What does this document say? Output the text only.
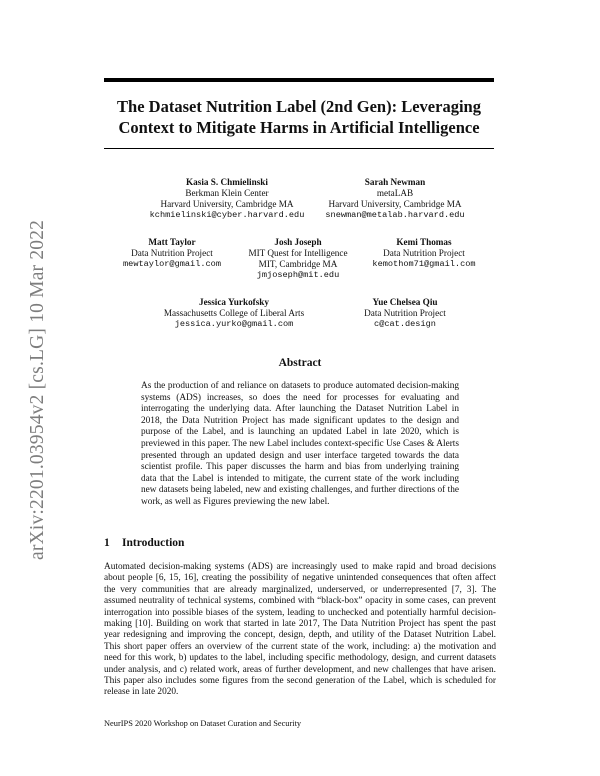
arXiv:2201.03954v2 [cs.LG] 10 Mar 2022
The Dataset Nutrition Label (2nd Gen): Leveraging Context to Mitigate Harms in Artificial Intelligence
Kasia S. Chmielinski
Berkman Klein Center
Harvard University, Cambridge MA
kchmielinski@cyber.harvard.edu
Sarah Newman
metaLAB
Harvard University, Cambridge MA
snewman@metalab.harvard.edu
Matt Taylor
Data Nutrition Project
mewtaylor@gmail.com
Josh Joseph
MIT Quest for Intelligence
MIT, Cambridge MA
jmjoseph@mit.edu
Kemi Thomas
Data Nutrition Project
kemothom71@gmail.com
Jessica Yurkofsky
Massachusetts College of Liberal Arts
jessica.yurko@gmail.com
Yue Chelsea Qiu
Data Nutrition Project
c@cat.design
Abstract
As the production of and reliance on datasets to produce automated decision-making systems (ADS) increases, so does the need for processes for evaluating and interrogating the underlying data. After launching the Dataset Nutrition Label in 2018, the Data Nutrition Project has made significant updates to the design and purpose of the Label, and is launching an updated Label in late 2020, which is previewed in this paper. The new Label includes context-specific Use Cases & Alerts presented through an updated design and user interface targeted towards the data scientist profile. This paper discusses the harm and bias from underlying training data that the Label is intended to mitigate, the current state of the work including new datasets being labeled, new and existing challenges, and further directions of the work, as well as Figures previewing the new label.
1 Introduction
Automated decision-making systems (ADS) are increasingly used to make rapid and broad decisions about people [6, 15, 16], creating the possibility of negative unintended consequences that often affect the very communities that are already marginalized, underserved, or underrepresented [7, 3]. The assumed neutrality of technical systems, combined with “black-box” opacity in some cases, can prevent interrogation into possible biases of the system, leading to unchecked and potentially harmful decision-making [10]. Building on work that started in late 2017, The Data Nutrition Project has spent the past year redesigning and improving the concept, design, depth, and utility of the Dataset Nutrition Label. This short paper offers an overview of the current state of the work, including: a) the motivation and need for this work, b) updates to the label, including specific methodology, design, and current datasets under analysis, and c) related work, areas of further development, and new challenges that have arisen. This paper also includes some figures from the second generation of the Label, which is scheduled for release in late 2020.
NeurIPS 2020 Workshop on Dataset Curation and Security
